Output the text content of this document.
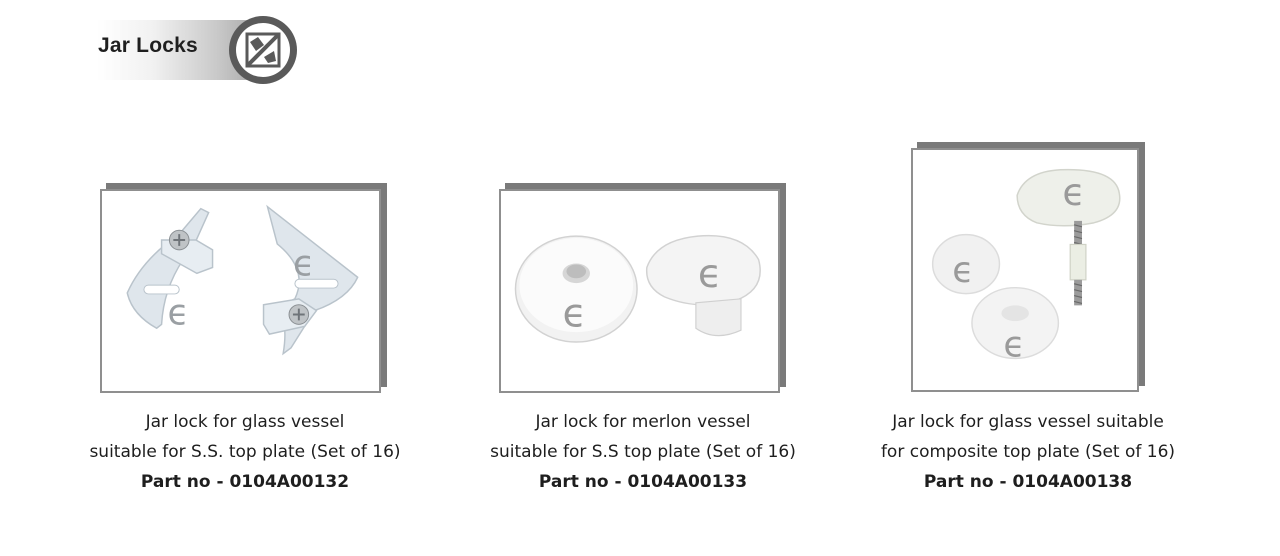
Jar Locks
ϵ
ϵ
Jar lock for glass vessel
suitable for S.S. top plate (Set of 16)
Part no - 0104A00132
ϵ
ϵ
Jar lock for merlon vessel
suitable for S.S top plate (Set of 16)
Part no - 0104A00133
ϵ
ϵ
ϵ
Jar lock for glass vessel suitable
for composite top plate (Set of 16)
Part no - 0104A00138
